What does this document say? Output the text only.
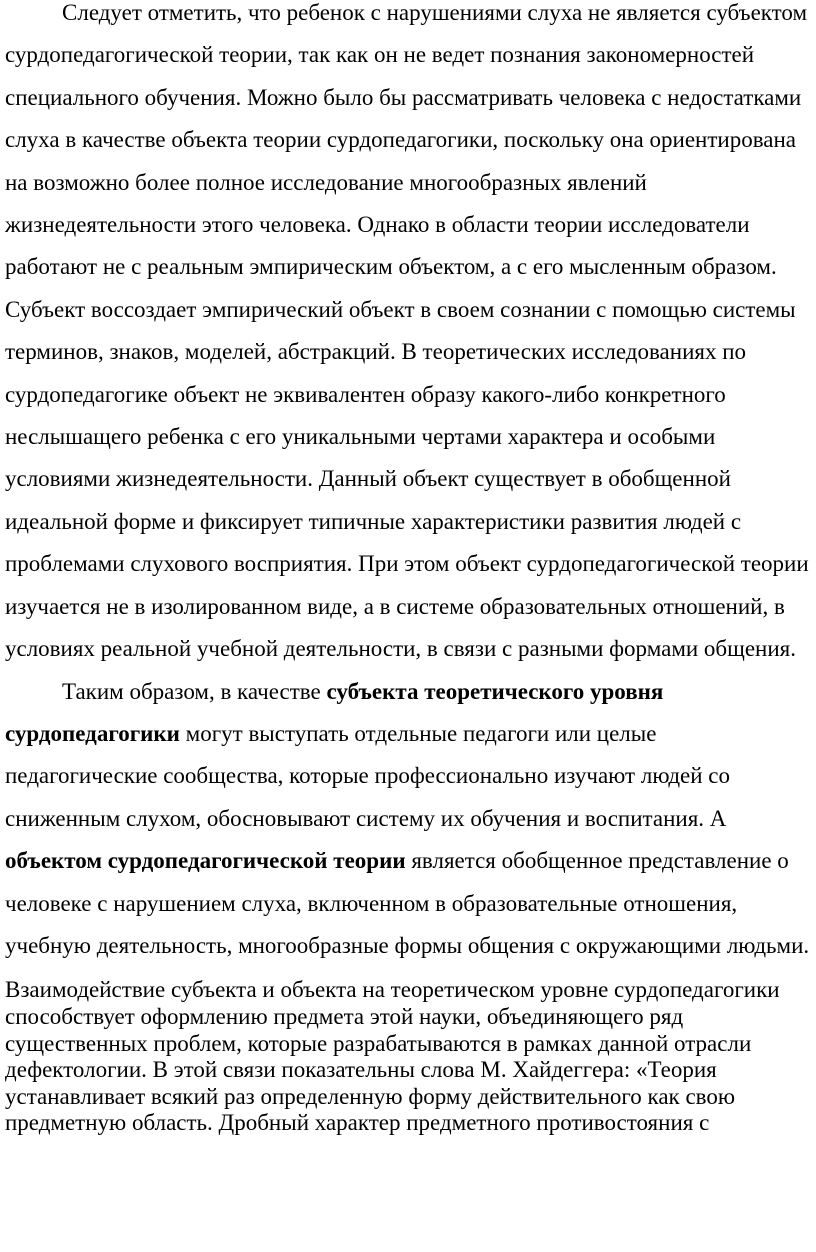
Следует отметить, что ребенок с нарушениями слуха не является субъектом сурдопедагогической теории, так как он не ведет познания закономерностей специального обучения. Можно было бы рассматривать человека с недостатками слуха в качестве объекта теории сурдопедагогики, поскольку она ориентирована на возможно более полное исследование многообразных явлений жизнедеятельности этого человека. Однако в области теории исследователи работают не с реальным эмпирическим объектом, а с его мысленным образом. Субъект воссоздает эмпирический объект в своем сознании с помощью системы терминов, знаков, моделей, абстракций. В теоретических исследованиях по сурдопедагогике объект не эквивалентен образу какого-либо конкретного неслышащего ребенка с его уникальными чертами характера и особыми условиями жизнедеятельности. Данный объект существует в обобщенной идеальной форме и фиксирует типичные характеристики развития людей с проблемами слухового восприятия. При этом объект сурдопедагогической теории изучается не в изолированном виде, а в системе образовательных отношений, в условиях реальной учебной деятельности, в связи с разными формами общения.

Таким образом, в качестве субъекта теоретического уровня сурдопедагогики могут выступать отдельные педагоги или целые педагогические сообщества, которые профессионально изучают людей со сниженным слухом, обосновывают систему их обучения и воспитания. А объектом сурдопедагогической теории является обобщенное представление о человеке с нарушением слуха, включенном в образовательные отношения, учебную деятельность, многообразные формы общения с окружающими людьми.

Взаимодействие субъекта и объекта на теоретическом уровне сурдопедагогики способствует оформлению предмета этой науки, объединяющего ряд существенных проблем, которые разрабатываются в рамках данной отрасли дефектологии. В этой связи показательны слова М. Хайдеггера: «Теория устанавливает всякий раз определенную форму действительного как свою предметную область. Дробный характер предметного противостояния с
